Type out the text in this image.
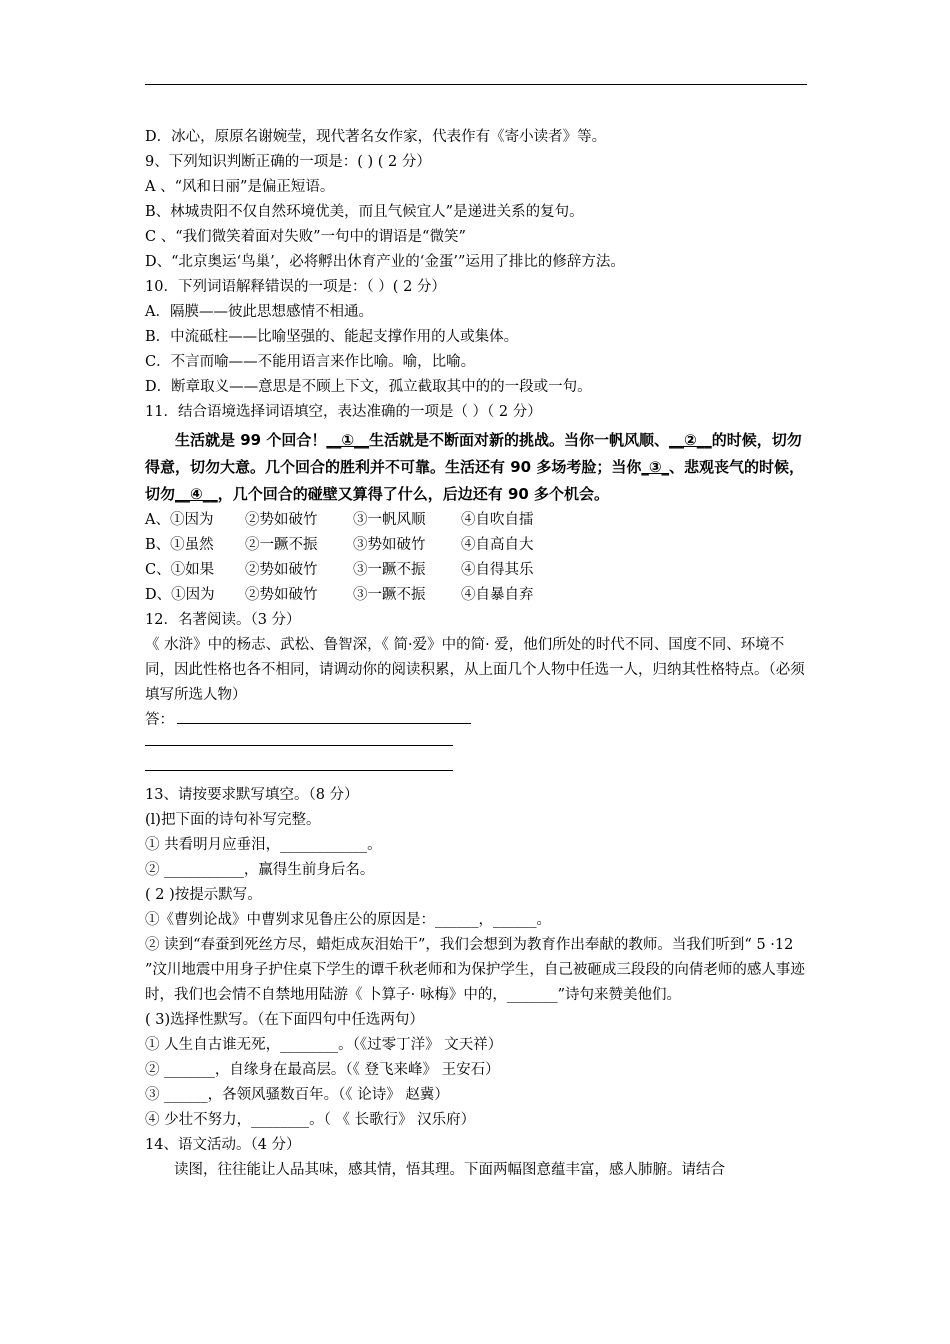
D．冰心，原原名谢婉莹，现代著名女作家，代表作有《寄小读者》等。
9、下列知识判断正确的一项是：( ) ( 2 分）
A 、“风和日丽”是偏正短语。
B、林城贵阳不仅自然环境优美，而且气候宜人”是递进关系的复句。
C 、“我们微笑着面对失败”一句中的谓语是“微笑”
D、“北京奥运‘鸟巢’，必将孵出休育产业的‘金蛋’”运用了排比的修辞方法。
10．下列词语解释错误的一项是：（ ）( 2 分）
A．隔膜——彼此思想感情不相通。
B．中流砥柱——比喻坚强的、能起支撑作用的人或集体。
C．不言而喻——不能用语言来作比喻。喻，比喻。
D．断章取义——意思是不顾上下文，孤立截取其中的的一段或一句。
11．结合语境选择词语填空，表达准确的一项是（ ）（ 2 分）
生活就是 99 个回合！__①__生活就是不断面对新的挑战。当你一帆风顺、__②__的时候，切勿得意，切勿大意。几个回合的胜利并不可靠。生活还有 90 多场考脸；当你_③_、悲观丧气的时候，切勿__④__，几个回合的碰壁又算得了什么，后边还有 90 多个机会。
A、①因为	②势如破竹	③一帆风顺	④自吹自擂
B、①虽然	②一蹶不振	③势如破竹	④自高自大
C、①如果	②势如破竹	③一蹶不振	④自得其乐
D、①因为	②势如破竹	③一蹶不振	④自暴自弃
12．名著阅读。（3 分）
《 水浒》中的杨志、武松、鲁智深，《 简·爱》中的简· 爱，他们所处的时代不同、国度不同、环境不同，因此性格也各不相同，请调动你的阅读积累，从上面几个人物中任选一人，归纳其性格特点。（必须填写所选人物）
答：
13、请按要求默写填空。（8 分）
(l)把下面的诗句补写完整。
① 共看明月应垂泪，____________。
② ___________，赢得生前身后名。
( 2 )按提示默写。
①《曹刿论战》中曹刿求见鲁庄公的原因是：______，______。
② 读到“春蚕到死丝方尽，蜡炬成灰泪始干”，我们会想到为教育作出奉献的教师。当我们听到“ 5 ·12 ”汶川地震中用身子护住桌下学生的谭千秋老师和为保护学生，自己被砸成三段段的向倩老师的感人事迹时，我们也会情不自禁地用陆游《 卜算子· 咏梅》中的，_______”诗句来赞美他们。
( 3)选择性默写。（在下面四句中任选两句）
① 人生自古谁无死，________。（《过零丁洋》 文天祥）
② _______，自缘身在最高层。（《 登飞来峰》 王安石）
③ ______，各领风骚数百年。（《 论诗》 赵冀）
④ 少壮不努力，________。（ 《 长歌行》 汉乐府）
14、语文活动。（4 分）
读图，往往能让人品其味，感其情，悟其理。下面两幅图意蕴丰富，感人肺腑。请结合
